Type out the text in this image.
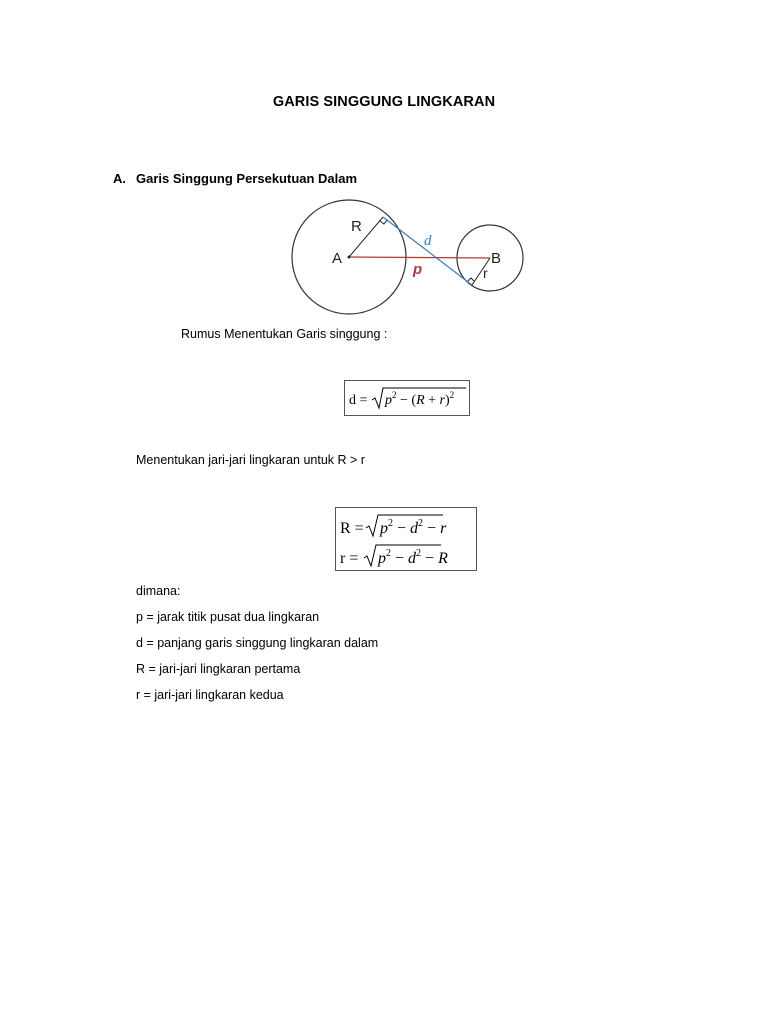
GARIS SINGGUNG LINGKARAN
A. Garis Singgung Persekutuan Dalam
R
A
d
p
B
r
Rumus Menentukan Garis singgung :
$d = p^2 - (R + r)^2$
Menentukan jari-jari lingkaran untuk R > r
$R = p^2 - d^2 - r$
$r = p^2 - d^2 - R$
dimana:
p = jarak titik pusat dua lingkaran
d = panjang garis singgung lingkaran dalam
R = jari-jari lingkaran pertama
r = jari-jari lingkaran kedua
